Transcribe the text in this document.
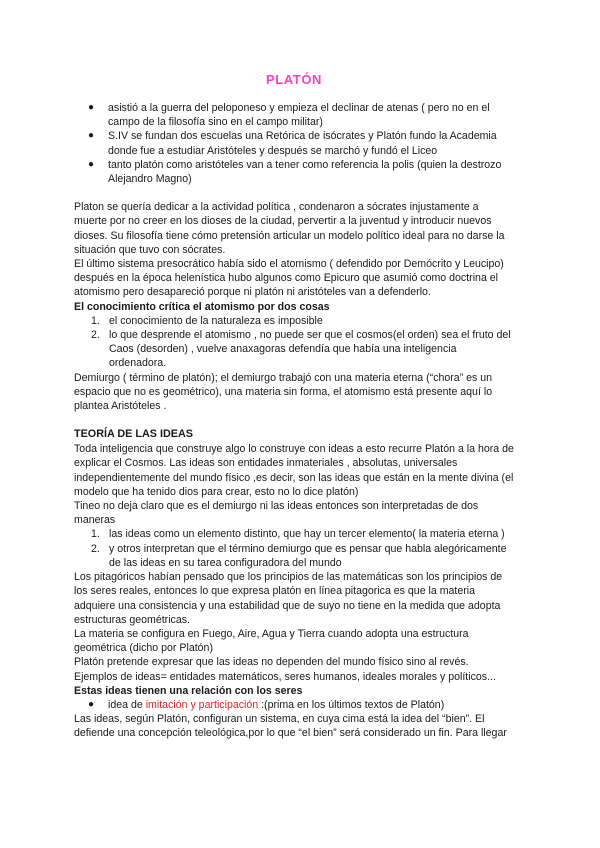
PLATÓN
● asistió a la guerra del peloponeso y empieza el declinar de atenas ( pero no en el campo de la filosofía sino en el campo militar)
● S.IV se fundan dos escuelas una Retórica de isócrates y Platón fundo la Academia donde fue a estudiar Aristóteles y después se marchó y fundó el Liceo
● tanto platón como aristóteles van a tener como referencia la polis (quien la destrozo Alejandro Magno)

Platon se quería dedicar a la actividad política , condenaron a sócrates injustamente a muerte por no creer en los dioses de la ciudad, pervertir a la juventud y introducir nuevos dioses. Su filosofía tiene cómo pretensión articular un modelo político ideal para no darse la situación que tuvo con sócrates.

El último sistema presocrático había sido el atomismo ( defendido por Demócrito y Leucipo) después en la época helenística hubo algunos como Epicuro que asumió como doctrina el atomismo pero desapareció porque ni platón ni aristóteles van a defenderlo.

El conocimiento crítica el atomismo por dos cosas

1. el conocimiento de la naturaleza es imposible
2. lo que desprende el atomismo , no puede ser que el cosmos(el orden) sea el fruto del Caos (desorden) , vuelve anaxagoras defendía que había una inteligencia ordenadora.

Demiurgo ( término de platón); el demiurgo trabajó con una materia eterna (“chora” es un espacio que no es geométrico), una materia sin forma, el atomismo está presente aquí lo plantea Aristóteles .

TEORÍA DE LAS IDEAS

Toda inteligencia que construye algo lo construye con ideas a esto recurre Platón a la hora de explicar el Cosmos. Las ideas son entidades inmateriales , absolutas, universales independientemente del mundo físico ,es decir, son las ideas que están en la mente divina (el modelo que ha tenido dios para crear, esto no lo dice platón)

Tineo no deja claro que es el demiurgo ni las ideas entonces son interpretadas de dos maneras

1. las ideas como un elemento distinto, que hay un tercer elemento( la materia eterna )
2. y otros interpretan que el término demiurgo que es pensar que habla alegóricamente de las ideas en su tarea configuradora del mundo

Los pitagóricos habían pensado que los principios de las matemáticas son los principios de los seres reales, entonces lo que expresa platón en línea pitagorica es que la materia adquiere una consistencia y una estabilidad que de suyo no tiene en la medida que adopta estructuras geométricas.

La materia se configura en Fuego, Aire, Agua y Tierra cuando adopta una estructura geométrica (dicho por Platón)

Platón pretende expresar que las ideas no dependen del mundo físico sino al revés.

Ejemplos de ideas= entidades matemáticos, seres humanos, ideales morales y políticos...

Estas ideas tienen una relación con los seres

● idea de imitación y participación :(prima en los últimos textos de Platón)

Las ideas, según Platón, configuran un sistema, en cuya cima está la idea del “bien”. El defiende una concepción teleológica,por lo que “el bien” será considerado un fin. Para llegar
